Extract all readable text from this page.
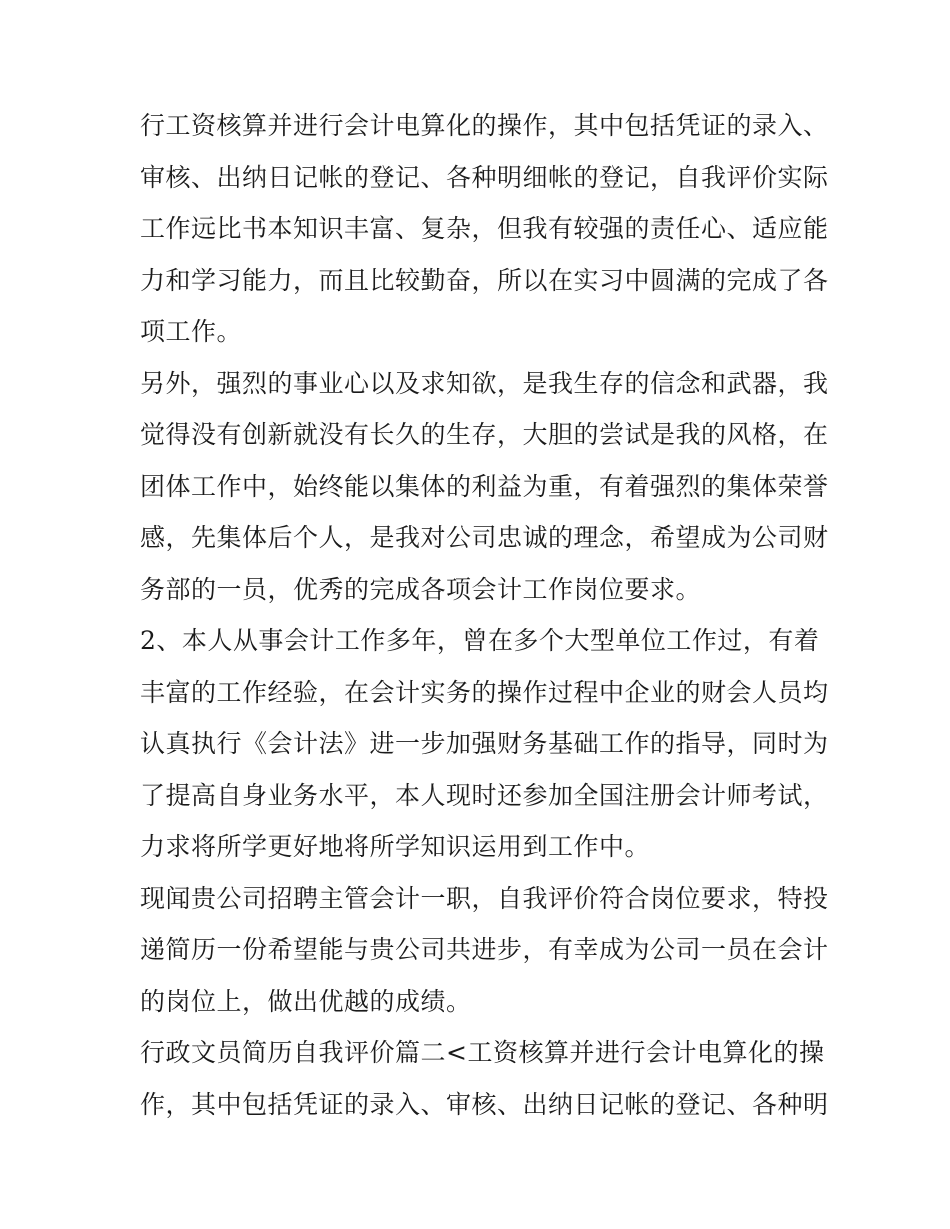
行工资核算并进行会计电算化的操作，其中包括凭证的录入、
审核、出纳日记帐的登记、各种明细帐的登记，自我评价实际
工作远比书本知识丰富、复杂，但我有较强的责任心、适应能
力和学习能力，而且比较勤奋，所以在实习中圆满的完成了各
项工作。
另外，强烈的事业心以及求知欲，是我生存的信念和武器，我
觉得没有创新就没有长久的生存，大胆的尝试是我的风格，在
团体工作中，始终能以集体的利益为重，有着强烈的集体荣誉
感，先集体后个人，是我对公司忠诚的理念，希望成为公司财
务部的一员，优秀的完成各项会计工作岗位要求。
2、本人从事会计工作多年，曾在多个大型单位工作过，有着
丰富的工作经验，在会计实务的操作过程中企业的财会人员均
认真执行《会计法》进一步加强财务基础工作的指导，同时为
了提高自身业务水平，本人现时还参加全国注册会计师考试，
力求将所学更好地将所学知识运用到工作中。
现闻贵公司招聘主管会计一职，自我评价符合岗位要求，特投
递简历一份希望能与贵公司共进步，有幸成为公司一员在会计
的岗位上，做出优越的成绩。
行政文员简历自我评价篇二<工资核算并进行会计电算化的操
作，其中包括凭证的录入、审核、出纳日记帐的登记、各种明
